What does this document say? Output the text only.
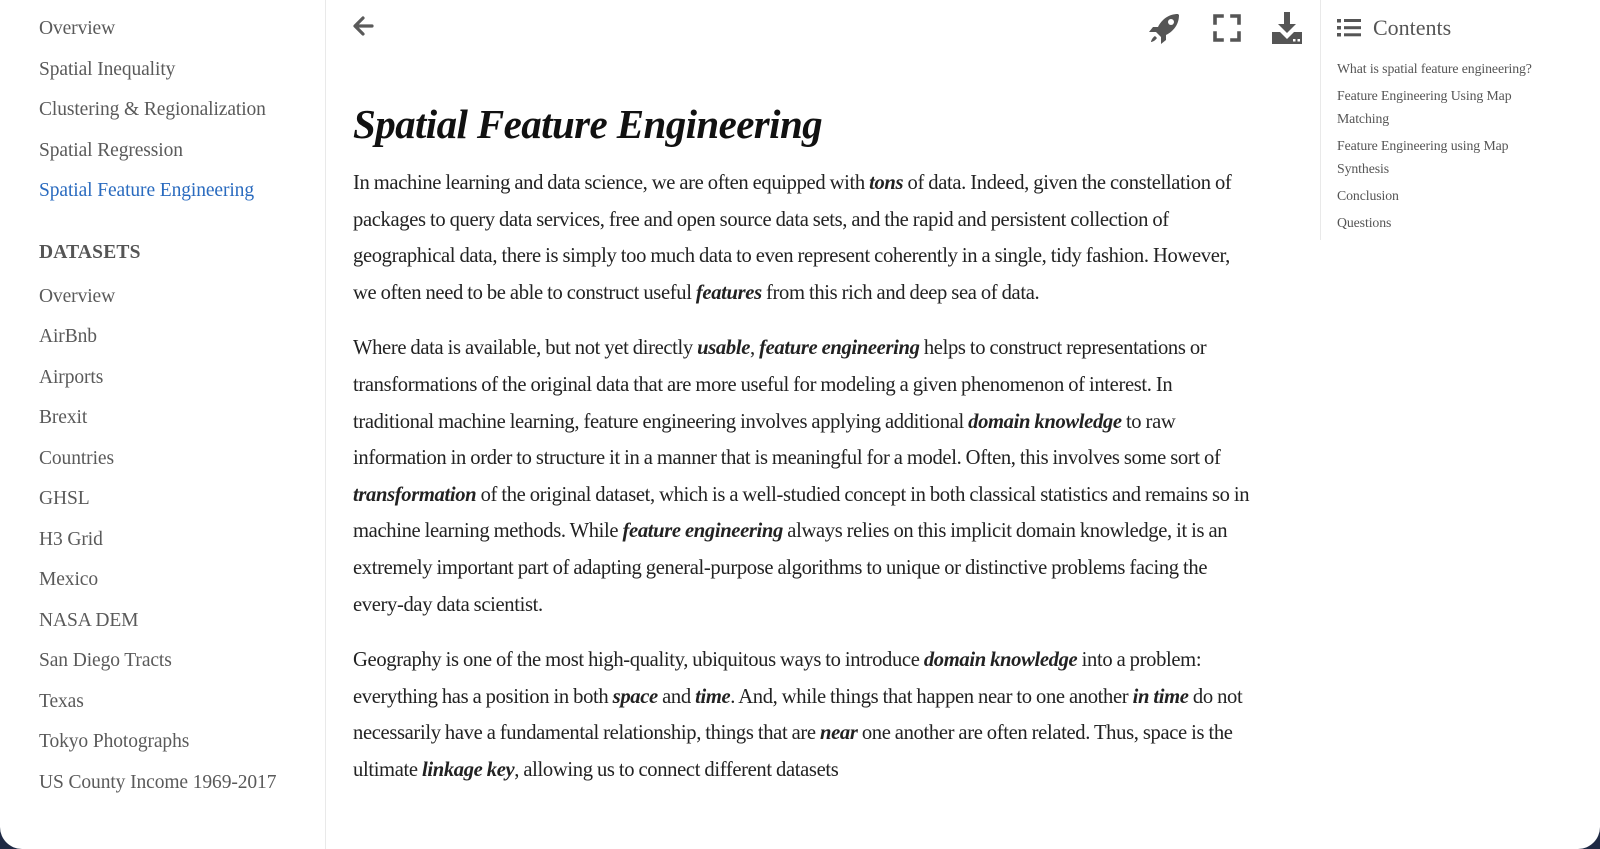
Overview
Spatial Inequality
Clustering & Regionalization
Spatial Regression
Spatial Feature Engineering
DATASETS
Overview
AirBnb
Airports
Brexit
Countries
GHSL
H3 Grid
Mexico
NASA DEM
San Diego Tracts
Texas
Tokyo Photographs
US County Income 1969-2017
Spatial Feature Engineering

In machine learning and data science, we are often equipped with tons of data. Indeed, given the constellation of packages to query data services, free and open source data sets, and the rapid and persistent collection of geographical data, there is simply too much data to even represent coherently in a single, tidy fashion. However, we often need to be able to construct useful features from this rich and deep sea of data.

Where data is available, but not yet directly usable, feature engineering helps to construct representations or transformations of the original data that are more useful for modeling a given phenomenon of interest. In traditional machine learning, feature engineering involves applying additional domain knowledge to raw information in order to structure it in a manner that is meaningful for a model. Often, this involves some sort of transformation of the original dataset, which is a well-studied concept in both classical statistics and remains so in machine learning methods. While feature engineering always relies on this implicit domain knowledge, it is an extremely important part of adapting general-purpose algorithms to unique or distinctive problems facing the every-day data scientist.

Geography is one of the most high-quality, ubiquitous ways to introduce domain knowledge into a problem: everything has a position in both space and time. And, while things that happen near to one another in time do not necessarily have a fundamental relationship, things that are near one another are often related. Thus, space is the ultimate linkage key, allowing us to connect different datasets

Contents
What is spatial feature engineering?
Feature Engineering Using Map Matching
Feature Engineering using Map Synthesis
Conclusion
Questions
